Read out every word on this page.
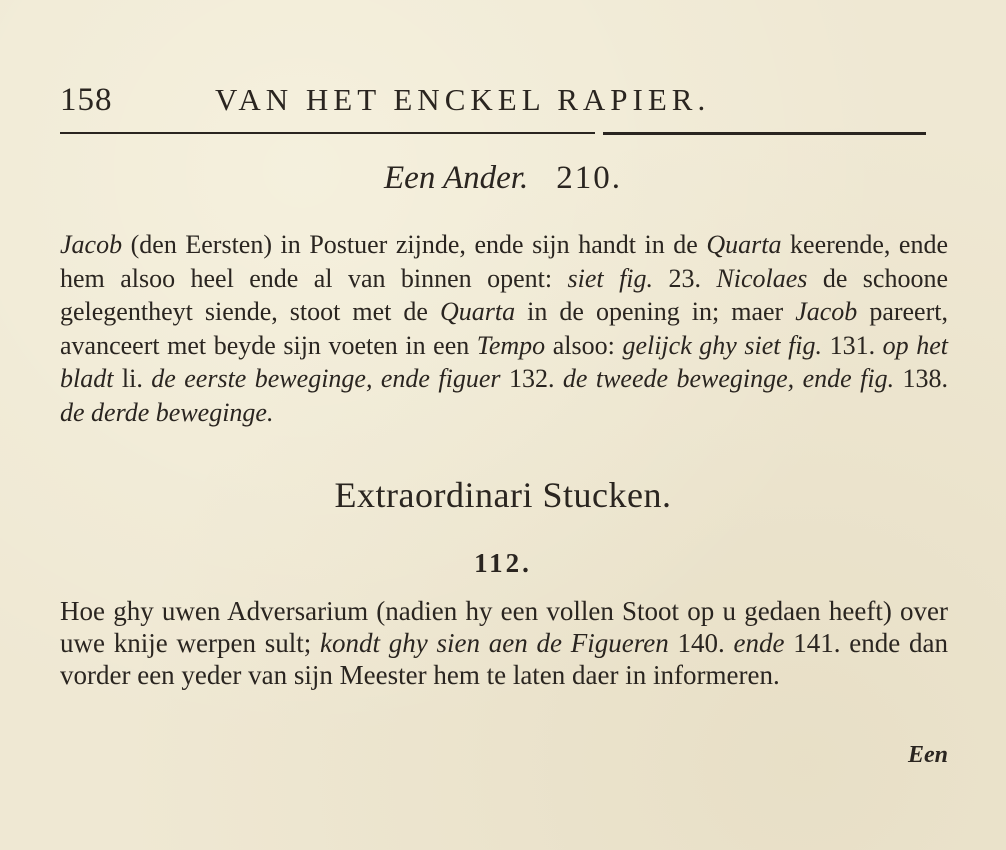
158	VAN HET ENCKEL RAPIER.
Een Ander. 210.
Jacob (den Eersten) in Postuer zijnde, ende sijn handt in de Quarta keerende, ende hem alsoo heel ende al van binnen opent: siet fig. 23. Nicolaes de schoone gelegentheyt siende, stoot met de Quarta in de opening in; maer Jacob pareert, avanceert met beyde sijn voeten in een Tempo alsoo: gelijck ghy siet fig. 131. op het bladt li. de eerste beweginge, ende figuer 132. de tweede beweginge, ende fig. 138. de derde beweginge.
Extraordinari Stucken.
112.
Hoe ghy uwen Adversarium (nadien hy een vollen Stoot op u gedaen heeft) over uwe knije werpen sult; kondt ghy sien aen de Figueren 140. ende 141. ende dan vorder een yeder van sijn Meester hem te laten daer in informeren.
Een
